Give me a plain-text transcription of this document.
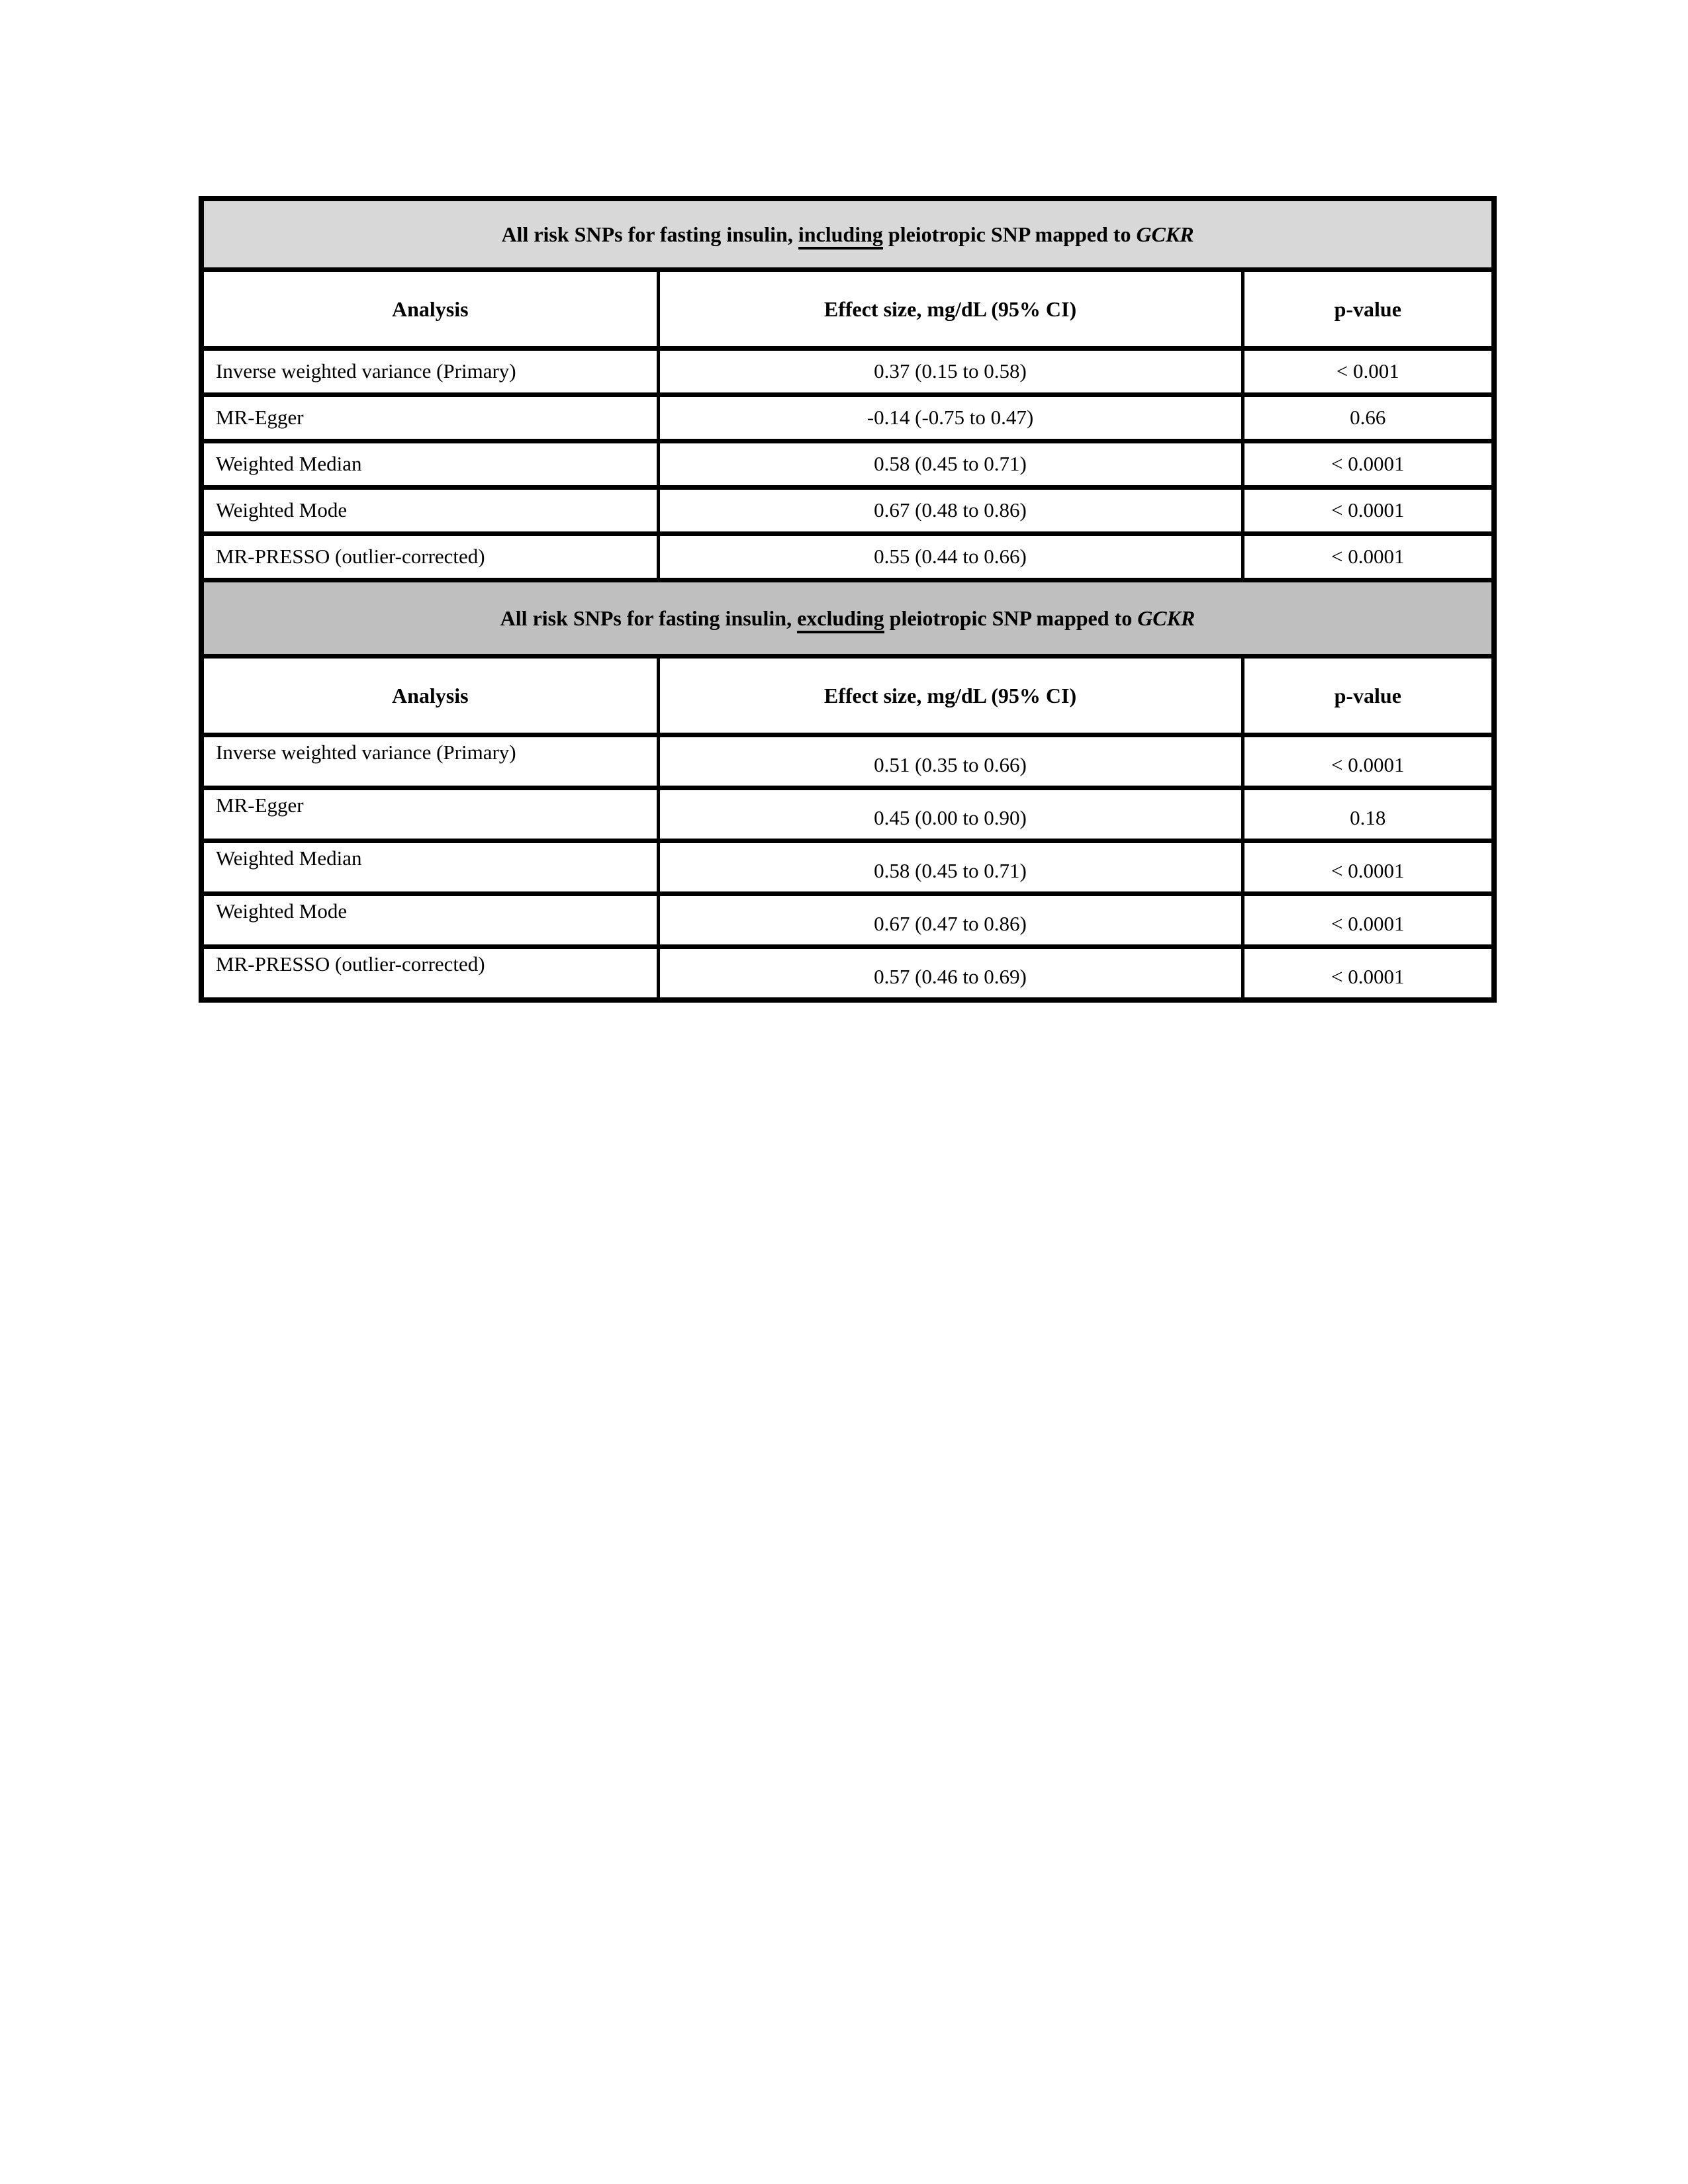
All risk SNPs for fasting insulin, including pleiotropic SNP mapped to GCKR		
Analysis	Effect size, mg/dL (95% CI)	p-value
Inverse weighted variance (Primary)	0.37 (0.15 to 0.58)	< 0.001
MR-Egger	-0.14 (-0.75 to 0.47)	0.66
Weighted Median	0.58 (0.45 to 0.71)	< 0.0001
Weighted Mode	0.67 (0.48 to 0.86)	< 0.0001
MR-PRESSO (outlier-corrected)	0.55 (0.44 to 0.66)	< 0.0001
All risk SNPs for fasting insulin, excluding pleiotropic SNP mapped to GCKR		
Analysis	Effect size, mg/dL (95% CI)	p-value
Inverse weighted variance (Primary)	0.51 (0.35 to 0.66)	< 0.0001
MR-Egger	0.45 (0.00 to 0.90)	0.18
Weighted Median	0.58 (0.45 to 0.71)	< 0.0001
Weighted Mode	0.67 (0.47 to 0.86)	< 0.0001
MR-PRESSO (outlier-corrected)	0.57 (0.46 to 0.69)	< 0.0001
